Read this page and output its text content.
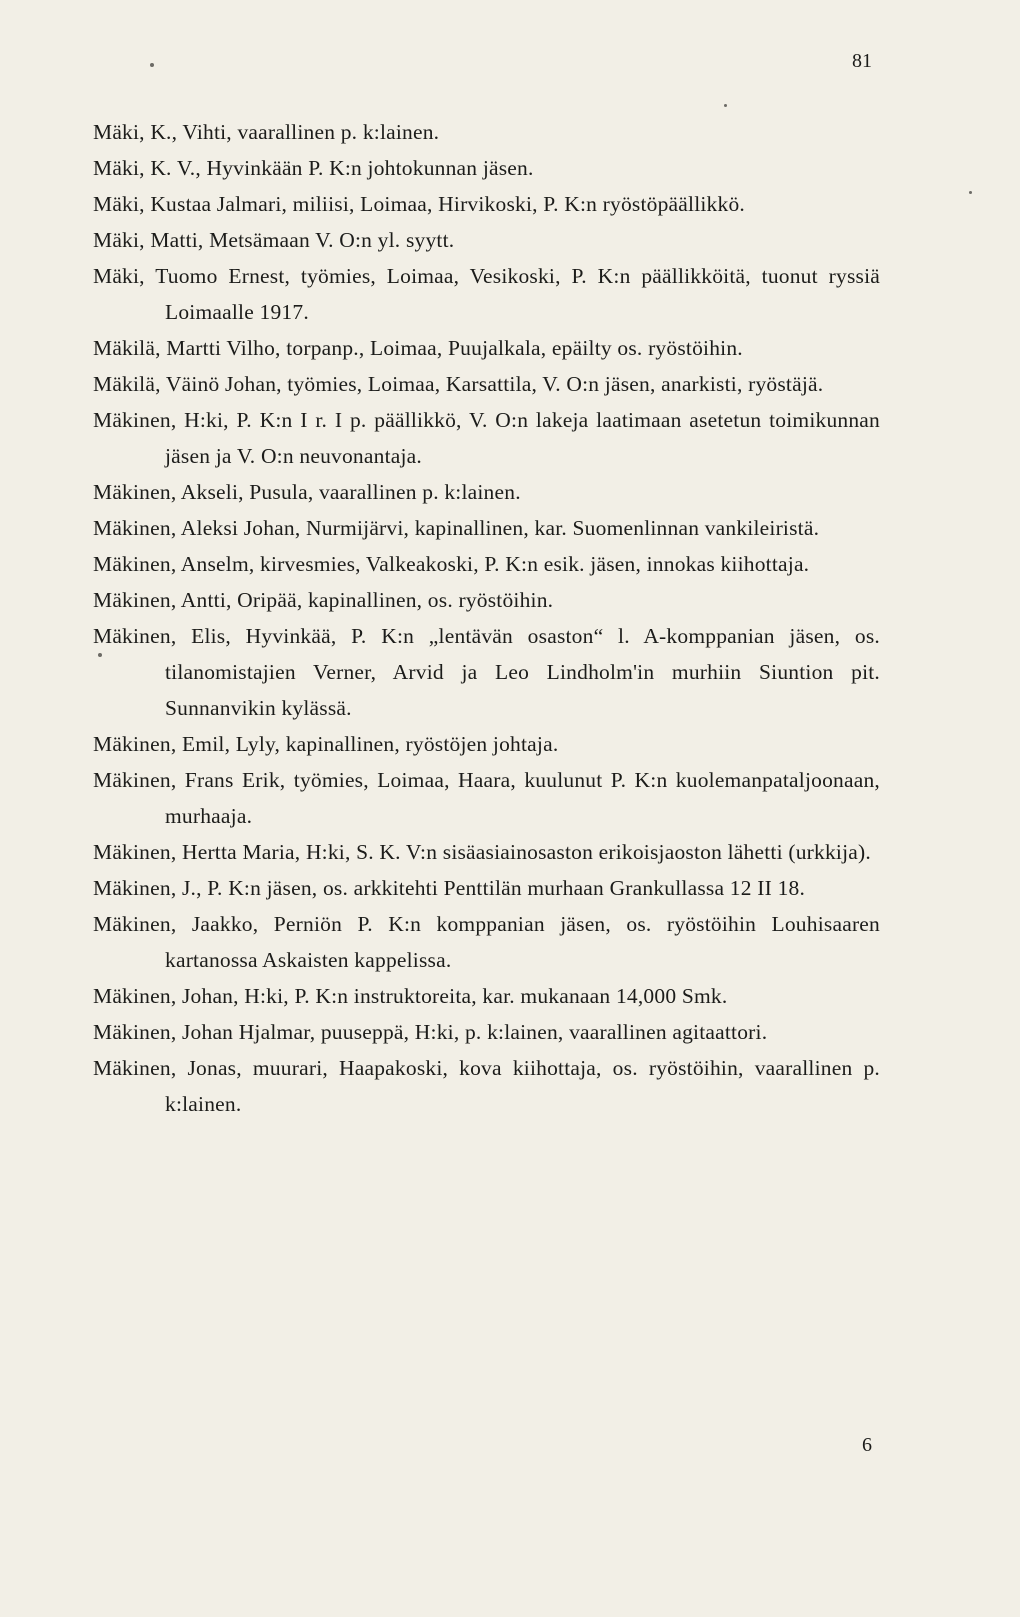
81

Mäki, K., Vihti, vaarallinen p. k:lainen.

Mäki, K. V., Hyvinkään P. K:n johtokunnan jäsen.

Mäki, Kustaa Jalmari, miliisi, Loimaa, Hirvikoski, P. K:n ryöstöpäällikkö.

Mäki, Matti, Metsämaan V. O:n yl. syytt.

Mäki, Tuomo Ernest, työmies, Loimaa, Vesikoski, P. K:n päällikköitä, tuonut ryssiä Loimaalle 1917.

Mäkilä, Martti Vilho, torpanp., Loimaa, Puujalkala, epäilty os. ryöstöihin.

Mäkilä, Väinö Johan, työmies, Loimaa, Karsattila, V. O:n jäsen, anarkisti, ryöstäjä.

Mäkinen, H:ki, P. K:n I r. I p. päällikkö, V. O:n lakeja laatimaan asetetun toimikunnan jäsen ja V. O:n neuvonantaja.

Mäkinen, Akseli, Pusula, vaarallinen p. k:lainen.

Mäkinen, Aleksi Johan, Nurmijärvi, kapinallinen, kar. Suomenlinnan vankileiristä.

Mäkinen, Anselm, kirvesmies, Valkeakoski, P. K:n esik. jäsen, innokas kiihottaja.

Mäkinen, Antti, Oripää, kapinallinen, os. ryöstöihin.

Mäkinen, Elis, Hyvinkää, P. K:n „lentävän osaston“ l. A-komppanian jäsen, os. tilanomistajien Verner, Arvid ja Leo Lindholm'in murhiin Siuntion pit. Sunnanvikin kylässä.

Mäkinen, Emil, Lyly, kapinallinen, ryöstöjen johtaja.

Mäkinen, Frans Erik, työmies, Loimaa, Haara, kuulunut P. K:n kuolemanpataljoonaan, murhaaja.

Mäkinen, Hertta Maria, H:ki, S. K. V:n sisäasiainosaston erikoisjaoston lähetti (urkkija).

Mäkinen, J., P. K:n jäsen, os. arkkitehti Penttilän murhaan Grankullassa 12 II 18.

Mäkinen, Jaakko, Perniön P. K:n komppanian jäsen, os. ryöstöihin Louhisaaren kartanossa Askaisten kappelissa.

Mäkinen, Johan, H:ki, P. K:n instruktoreita, kar. mukanaan 14,000 Smk.

Mäkinen, Johan Hjalmar, puuseppä, H:ki, p. k:lainen, vaarallinen agitaattori.

Mäkinen, Jonas, muurari, Haapakoski, kova kiihottaja, os. ryöstöihin, vaarallinen p. k:lainen.

6
